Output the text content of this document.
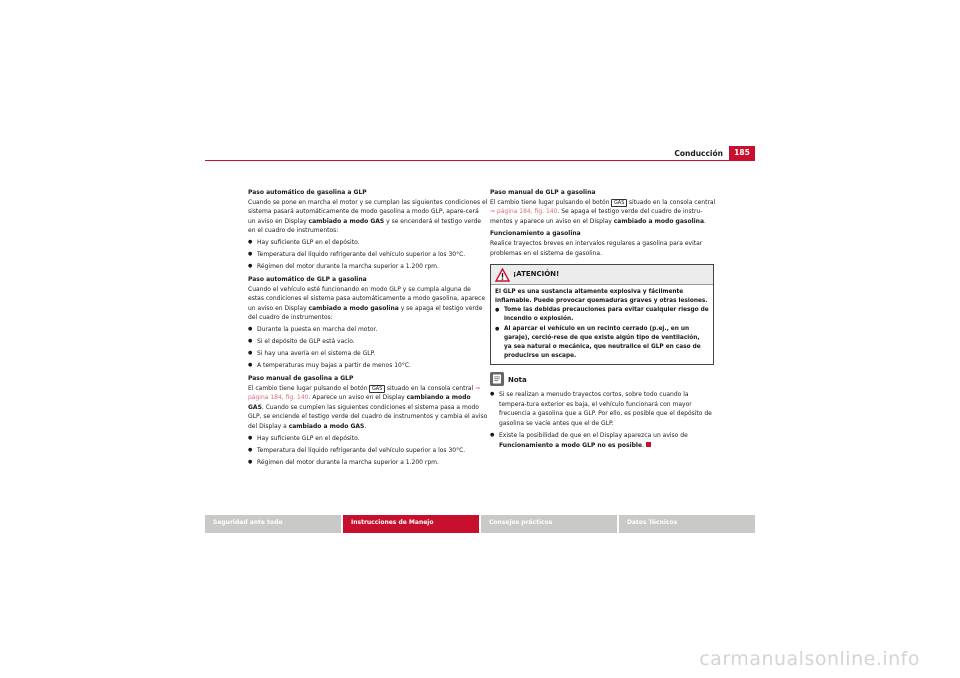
Conducción	185

Paso automático de gasolina a GLP

Cuando se pone en marcha el motor y se cumplan las siguientes condiciones el sistema pasará automáticamente de modo gasolina a modo GLP, apare-cerá un aviso en Display cambiado a modo GAS y se encenderá el testigo verde en el cuadro de instrumentos:

● Hay suficiente GLP en el depósito.
● Temperatura del líquido refrigerante del vehículo superior a los 30°C.
● Régimen del motor durante la marcha superior a 1.200 rpm.

Paso automático de GLP a gasolina

Cuando el vehículo esté funcionando en modo GLP y se cumpla alguna de estas condiciones el sistema pasa automáticamente a modo gasolina, aparece un aviso en Display cambiado a modo gasolina y se apaga el testigo verde del cuadro de instrumentos:

● Durante la puesta en marcha del motor.
● Si el depósito de GLP está vacío.
● Si hay una avería en el sistema de GLP.
● A temperaturas muy bajas a partir de menos 10°C.

Paso manual de gasolina a GLP

El cambio tiene lugar pulsando el botón GAS situado en la consola central ⇒ página 184, fig. 140. Aparece un aviso en el Display cambiando a modo GAS. Cuando se cumplen las siguientes condiciones el sistema pasa a modo GLP, se enciende el testigo verde del cuadro de instrumentos y cambia el aviso del Display a cambiado a modo GAS.

● Hay suficiente GLP en el depósito.
● Temperatura del líquido refrigerante del vehículo superior a los 30°C.
● Régimen del motor durante la marcha superior a 1.200 rpm.

Paso manual de GLP a gasolina

El cambio tiene lugar pulsando el botón GAS situado en la consola central ⇒ página 184, fig. 140. Se apaga el testigo verde del cuadro de instru-mentos y aparece un aviso en el Display cambiado a modo gasolina.

Funcionamiento a gasolina

Realice trayectos breves en intervalos regulares a gasolina para evitar problemas en el sistema de gasolina.

¡ATENCIÓN!

El GLP es una sustancia altamente explosiva y fácilmente inflamable. Puede provocar quemaduras graves y otras lesiones.

● Tome las debidas precauciones para evitar cualquier riesgo de incendio o explosión.
● Al aparcar el vehículo en un recinto cerrado (p.ej., en un garaje), cerció-rese de que existe algún tipo de ventilación, ya sea natural o mecánica, que neutralice el GLP en caso de producirse un escape.
Nota
● Si se realizan a menudo trayectos cortos, sobre todo cuando la tempera-tura exterior es baja, el vehículo funcionará con mayor frecuencia a gasolina que a GLP. Por ello, es posible que el depósito de gasolina se vacíe antes que el de GLP.
● Existe la posibilidad de que en el Display aparezca un aviso de Funcionamiento a modo GLP no es posible.
Seguridad ante todo	Instrucciones de Manejo	Consejos prácticos	Datos Técnicos
carmanualsonline.info
